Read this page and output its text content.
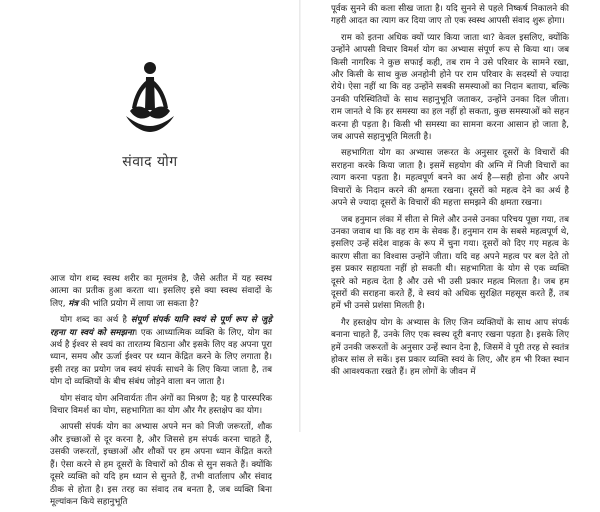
संवाद योग

आज योग शब्द स्वस्थ शरीर का मूलमंत्र है, जैसे अतीत में यह स्वस्थ आत्मा का प्रतीक हुआ करता था। इसलिए इसे क्या स्वस्थ संवादों के लिए, मंत्र की भांति प्रयोग में लाया जा सकता है?

योग शब्द का अर्थ है संपूर्ण संपर्क यानि स्वयं से पूर्ण रूप से जुड़े रहना या स्वयं को समझना। एक आध्यात्मिक व्यक्ति के लिए, योग का अर्थ है ईश्वर से स्वयं का तारतम्य बिठाना और इसके लिए वह अपना पूरा ध्यान, समय और ऊर्जा ईश्वर पर ध्यान केंद्रित करने के लिए लगाता है। इसी तरह का प्रयोग जब स्वयं संपर्क साधने के लिए किया जाता है, तब योग दो व्यक्तियों के बीच संबंध जोड़ने वाला बन जाता है।

योग संवाद योग अनिवार्यतः तीन अंगों का मिश्रण है; यह है पारस्परिक विचार विमर्श का योग, सहभागिता का योग और गैर हस्तक्षेप का योग।

आपसी संपर्क योग का अभ्यास अपने मन को निजी जरूरतों, शौक और इच्छाओं से दूर करना है, और जिससे हम संपर्क करना चाहते हैं, उसकी जरूरतों, इच्छाओं और शौकों पर हम अपना ध्यान केंद्रित करते हैं। ऐसा करने से हम दूसरों के विचारों को ठीक से सुन सकते हैं। क्योंकि दूसरे व्यक्ति को यदि हम ध्यान से सुनते हैं, तभी वार्तालाप और संवाद ठीक से होता है। इस तरह का संवाद तब बनता है, जब व्यक्ति बिना मूल्यांकन किये सहानुभूति

पूर्वक सुनने की कला सीख जाता है। यदि सुनने से पहले निष्कर्ष निकालने की गहरी आदत का त्याग कर दिया जाए तो एक स्वस्थ आपसी संवाद शुरू होगा।

राम को इतना अधिक क्यों प्यार किया जाता था? केवल इसलिए, क्योंकि उन्होंने आपसी विचार विमर्श योग का अभ्यास संपूर्ण रूप से किया था। जब किसी नागरिक ने कुछ सफाई कही, तब राम ने उसे परिवार के सामने रखा, और किसी के साथ कुछ अनहोनी होने पर राम परिवार के सदस्यों से ज्यादा रोये। ऐसा नहीं था कि वह उन्होंने सबकी समस्याओं का निदान बताया, बल्कि उनकी परिस्थितियों के साथ सहानुभूति जताकर, उन्होंने उनका दिल जीता। राम जानते थे कि हर समस्या का हल नहीं हो सकता, कुछ समस्याओं को सहन करना ही पड़ता है। किसी भी समस्या का सामना करना आसान हो जाता है, जब आपसे सहानुभूति मिलती है।

सहभागिता योग का अभ्यास जरूरत के अनुसार दूसरों के विचारों की सराहना करके किया जाता है। इसमें सहयोग की अग्नि में निजी विचारों का त्याग करना पड़ता है। महत्वपूर्ण बनने का अर्थ है—सही होना और अपने विचारों के निदान करने की क्षमता रखना। दूसरों को महत्व देने का अर्थ है अपने से ज्यादा दूसरों के विचारों की महत्ता समझने की क्षमता रखना।

जब हनुमान लंका में सीता से मिले और उनसे उनका परिचय पूछा गया, तब उनका जवाब था कि वह राम के सेवक हैं। हनुमान राम के सबसे महत्वपूर्ण थे, इसलिए उन्हें संदेश वाहक के रूप में चुना गया। दूसरों को दिए गए महत्व के कारण सीता का विश्वास उन्होंने जीता। यदि वह अपने महत्व पर बल देते तो इस प्रकार सहायता नहीं हो सकती थी। सहभागिता के योग से एक व्यक्ति दूसरे को महत्व देता है और उसे भी उसी प्रकार महत्व मिलता है। जब हम दूसरों की सराहना करते हैं, वे स्वयं को अधिक सुरक्षित महसूस करते हैं, तब हमें भी उनसे प्रशंसा मिलती है।

गैर हस्तक्षेप योग के अभ्यास के लिए जिन व्यक्तियों के साथ आप संपर्क बनाना चाहते हैं, उनके लिए एक स्वस्थ दूरी बनाए रखना पड़ता है। इसके लिए हमें उनकी जरूरतों के अनुसार उन्हें स्थान देना है, जिसमें वे पूरी तरह से स्वतंत्र होकर सांस ले सकें। इस प्रकार व्यक्ति स्वयं के लिए, और हम भी रिक्त स्थान की आवश्यकता रखते हैं। हम लोगों के जीवन में
